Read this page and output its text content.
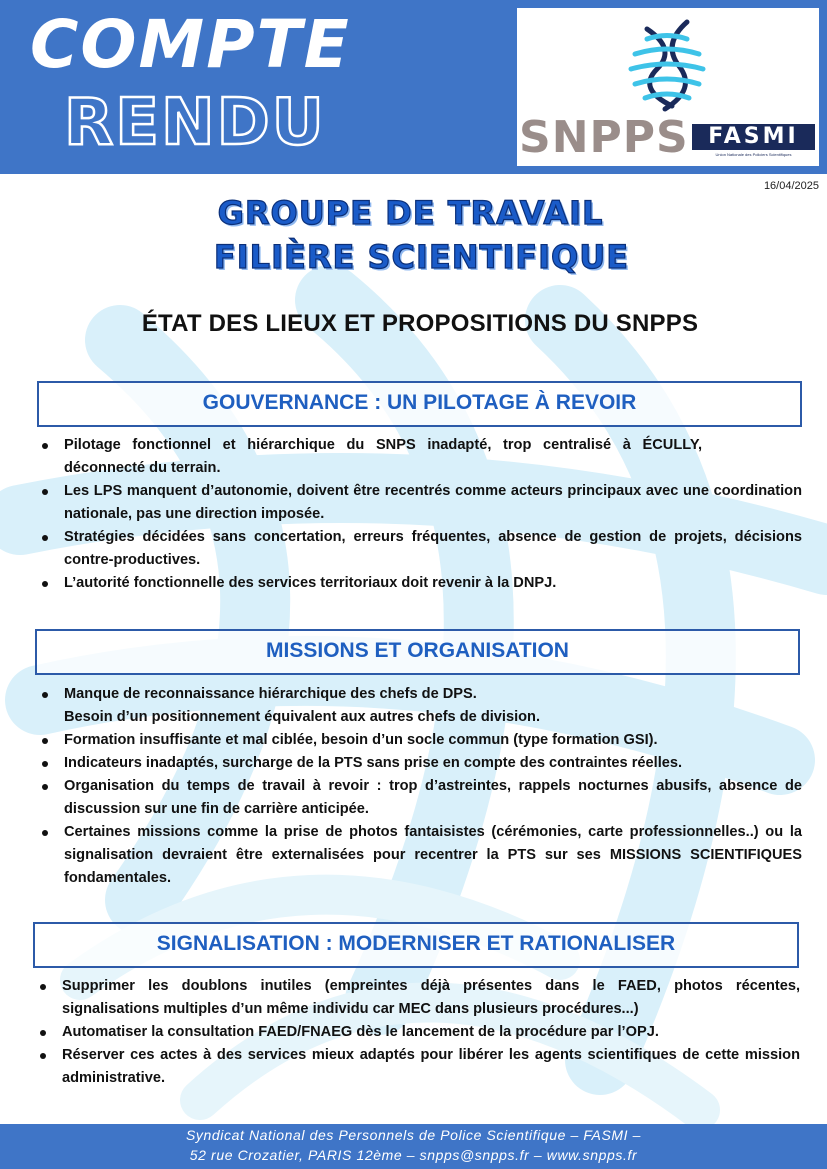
COMPTE
RENDU	SNPPS FASMI
Union Nationale des Policiers Scientifiques
16/04/2025
GROUPE DE TRAVAIL
FILIÈRE SCIENTIFIQUE
ÉTAT DES LIEUX ET PROPOSITIONS DU SNPPS
GOUVERNANCE : UN PILOTAGE À REVOIR
Pilotage fonctionnel et hiérarchique du SNPS inadapté, trop centralisé à ÉCULLY, déconnecté du terrain.
Les LPS manquent d’autonomie, doivent être recentrés comme acteurs principaux avec une coordination nationale, pas une direction imposée.
Stratégies décidées sans concertation, erreurs fréquentes, absence de gestion de projets, décisions contre-productives.
L’autorité fonctionnelle des services territoriaux doit revenir à la DNPJ.
MISSIONS ET ORGANISATION
Manque de reconnaissance hiérarchique des chefs de DPS.
Besoin d’un positionnement équivalent aux autres chefs de division.
Formation insuffisante et mal ciblée, besoin d’un socle commun (type formation GSI).
Indicateurs inadaptés, surcharge de la PTS sans prise en compte des contraintes réelles.
Organisation du temps de travail à revoir : trop d’astreintes, rappels nocturnes abusifs, absence de discussion sur une fin de carrière anticipée.
Certaines missions comme la prise de photos fantaisistes (cérémonies, carte professionnelles..) ou la signalisation devraient être externalisées pour recentrer la PTS sur ses MISSIONS SCIENTIFIQUES fondamentales.
SIGNALISATION : MODERNISER ET RATIONALISER
Supprimer les doublons inutiles (empreintes déjà présentes dans le FAED, photos récentes, signalisations multiples d’un même individu car MEC dans plusieurs procédures...)
Automatiser la consultation FAED/FNAEG dès le lancement de la procédure par l’OPJ.
Réserver ces actes à des services mieux adaptés pour libérer les agents scientifiques de cette mission administrative.
Syndicat National des Personnels de Police Scientifique – FASMI –
52 rue Crozatier, PARIS 12ème – snpps@snpps.fr – www.snpps.fr
